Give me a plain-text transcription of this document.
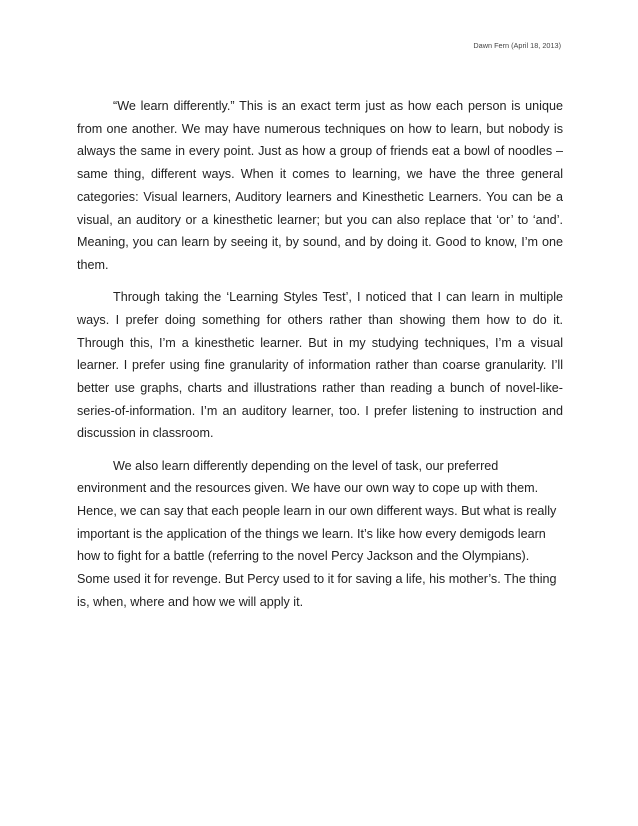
Dawn Fern (April 18, 2013)

“We learn differently.” This is an exact term just as how each person is unique from one another. We may have numerous techniques on how to learn, but nobody is always the same in every point. Just as how a group of friends eat a bowl of noodles – same thing, different ways. When it comes to learning, we have the three general categories: Visual learners, Auditory learners and Kinesthetic Learners. You can be a visual, an auditory or a kinesthetic learner; but you can also replace that ‘or’ to ‘and’. Meaning, you can learn by seeing it, by sound, and by doing it. Good to know, I’m one them.

Through taking the ‘Learning Styles Test’, I noticed that I can learn in multiple ways. I prefer doing something for others rather than showing them how to do it. Through this, I’m a kinesthetic learner. But in my studying techniques, I’m a visual learner. I prefer using fine granularity of information rather than coarse granularity. I’ll better use graphs, charts and illustrations rather than reading a bunch of novel-like-series-of-information. I’m an auditory learner, too. I prefer listening to instruction and discussion in classroom.

We also learn differently depending on the level of task, our preferred environment and the resources given. We have our own way to cope up with them. Hence, we can say that each people learn in our own different ways. But what is really important is the application of the things we learn. It’s like how every demigods learn how to fight for a battle (referring to the novel Percy Jackson and the Olympians). Some used it for revenge. But Percy used to it for saving a life, his mother’s. The thing is, when, where and how we will apply it.
